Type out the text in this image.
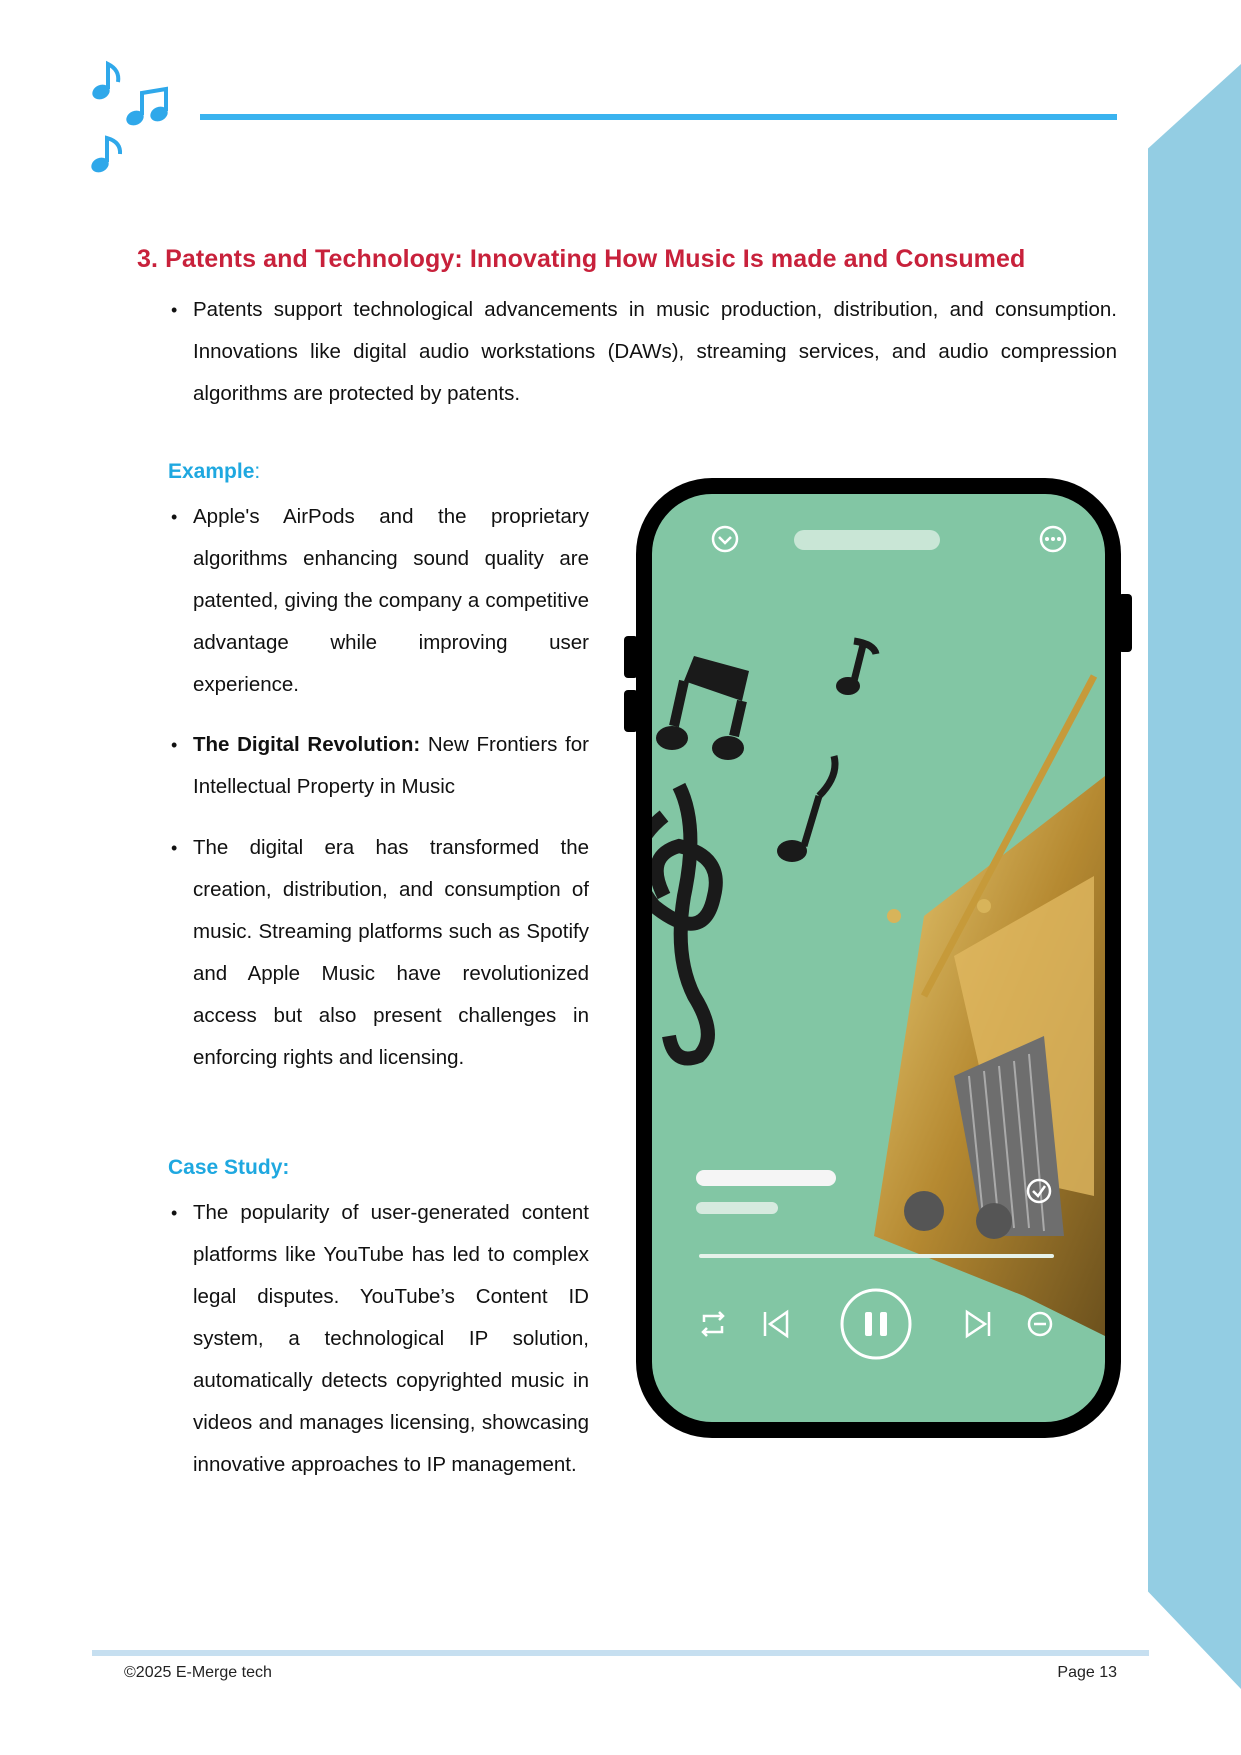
3. Patents and Technology: Innovating How Music Is made and Consumed
• Patents support technological advancements in music production, distribution, and consumption. Innovations like digital audio workstations (DAWs), streaming services, and audio compression algorithms are protected by patents.
Example:
• Apple's AirPods and the proprietary algorithms enhancing sound quality are patented, giving the company a competitive advantage while improving user experience.
• The Digital Revolution: New Frontiers for Intellectual Property in Music
• The digital era has transformed the creation, distribution, and consumption of music. Streaming platforms such as Spotify and Apple Music have revolutionized access but also present challenges in enforcing rights and licensing.
Case Study:
• The popularity of user-generated content platforms like YouTube has led to complex legal disputes. YouTube’s Content ID system, a technological IP solution, automatically detects copyrighted music in videos and manages licensing, showcasing innovative approaches to IP management.
©2025 E-Merge tech	Page 13
